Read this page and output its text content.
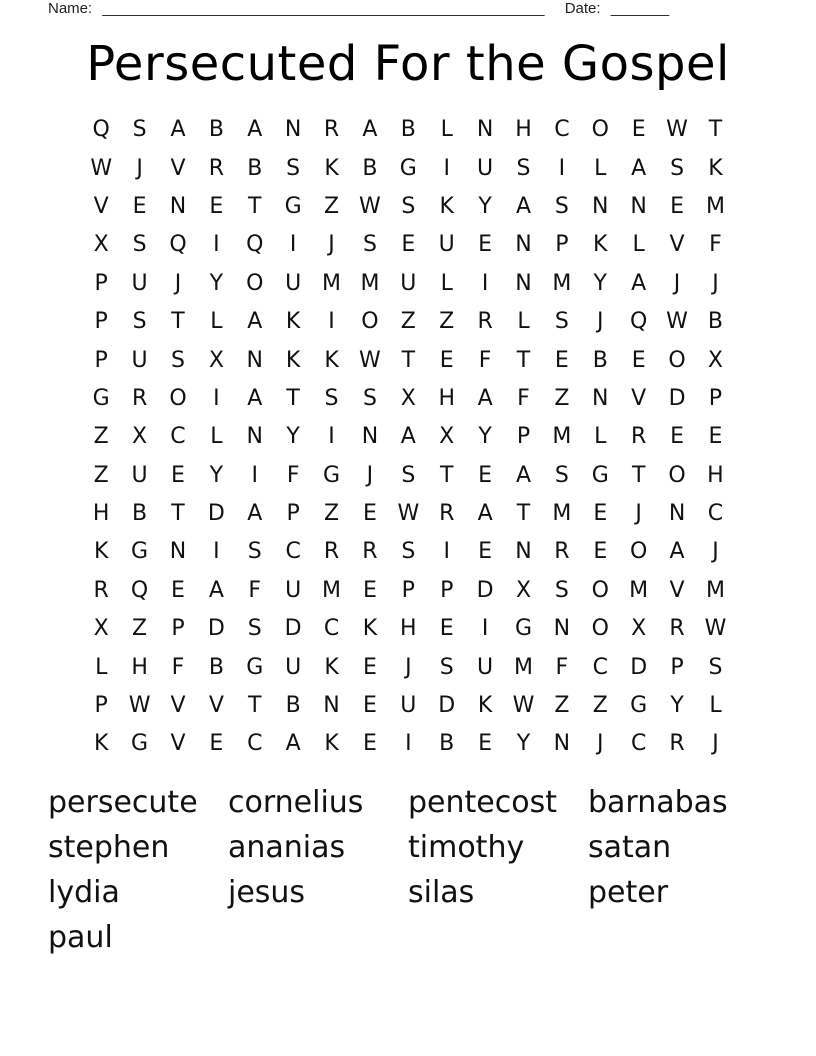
Name: _____________________________________________________ Date: _______
Persecuted For the Gospel
Q	S	A	B	A	N	R	A	B	L	N H	C	O	E W T
W	J	V	R	B	S	K	B	G	I	U	S	I	L	A	S	K
V	E	N	E	T	G	Z W S	K	Y	A	S	N N	E M
X	S	Q	I	Q	I	J	S	E	U	E	N	P	K	L	V	F
P	U	J	Y	O U M M U	L	I	N M	Y	A	J	J
P	S	T	L	A	K	I	O	Z	Z	R	L	S	J	Q W B
P	U	S	X	N	K	K W T	E	F	T	E	B	E	O	X
G	R	O	I	A	T	S	S	X	H	A	F	Z	N	V	D	P
Z	X	C	L	N	Y	I	N	A	X	Y	P	M	L	R	E	E
Z	U	E	Y	I	F	G	J	S	T	E	A	S	G	T	O H
H	B	T	D	A	P	Z	E W R	A	T	M E	J	N	C
K	G N	I	S	C	R	R	S	I	E	N	R	E	O	A	J
R	Q	E	A	F	U M E	P	P	D	X	S	O M V M
X	Z	P	D	S	D	C	K	H	E	I	G N O	X	R W
L	H	F	B	G U	K	E	J	S	U M	F	C	D	P	S
P W V	V	T	B	N	E	U D	K W Z	Z	G	Y	L
K	G	V	E	C	A	K	E	I	B	E	Y	N	J	C	R	J
persecute	cornelius	pentecost	barnabas
stephen	ananias	timothy	satan
lydia	jesus	silas	peter
paul
